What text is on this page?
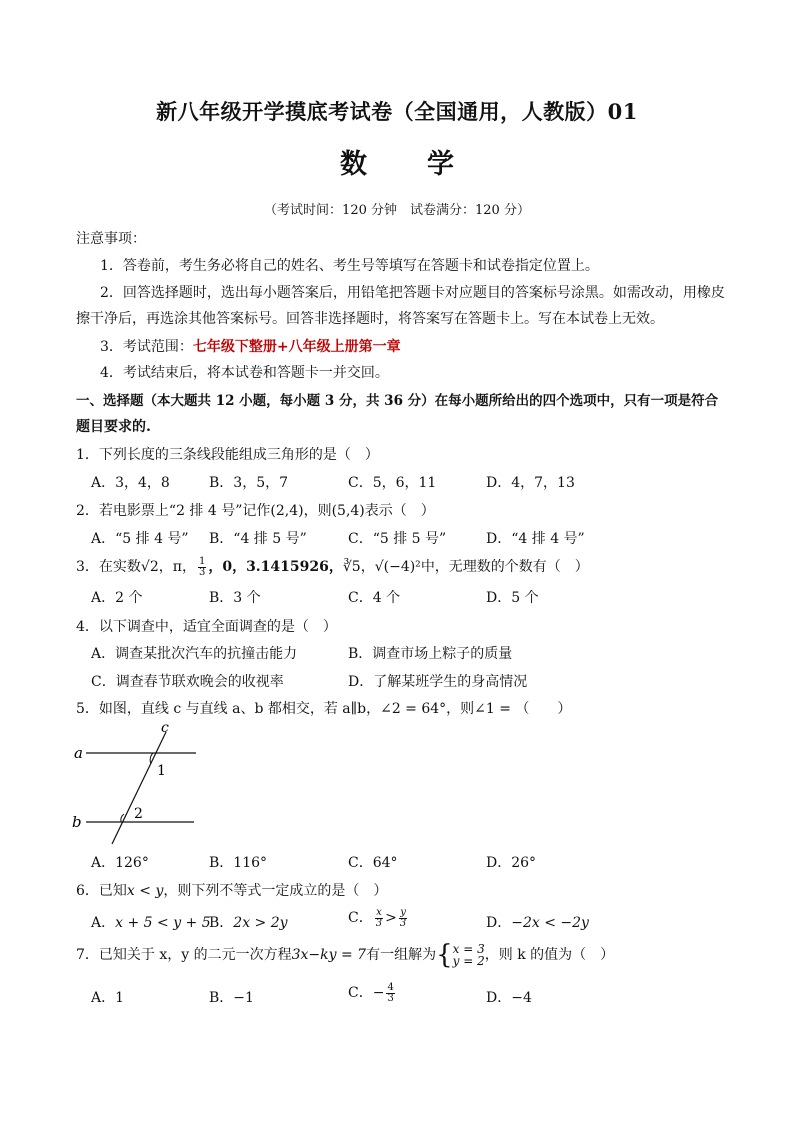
新八年级开学摸底考试卷（全国通用，人教版）01
数学
（考试时间：120 分钟　试卷满分：120 分）
注意事项：
1．答卷前，考生务必将自己的姓名、考生号等填写在答题卡和试卷指定位置上。
2．回答选择题时，选出每小题答案后，用铅笔把答题卡对应题目的答案标号涂黑。如需改动，用橡皮
擦干净后，再选涂其他答案标号。回答非选择题时，将答案写在答题卡上。写在本试卷上无效。
3．考试范围：七年级下整册+八年级上册第一章
4．考试结束后，将本试卷和答题卡一并交回。
一、选择题（本大题共 12 小题，每小题 3 分，共 36 分）在每小题所给出的四个选项中，只有一项是符合
题目要求的.
1．下列长度的三条线段能组成三角形的是（　）
A．3，4，8	B．3，5，7	C．5，6，11	D．4，7，13
2．若电影票上“2 排 4 号”记作(2,4)，则(5,4)表示（　）
A．“5 排 4 号” B．“4 排 5 号”	C．“5 排 5 号”	D．“4 排 4 号”
3．在实数√2，π， $\frac{1}{3}$ ，0，3.1415926，∛5，√(−4)²中，无理数的个数有（　）
A．2 个	B．3 个	C．4 个	D．5 个
4．以下调查中，适宜全面调查的是（　）
A．调查某批次汽车的抗撞击能力	B．调查市场上粽子的质量
C．调查春节联欢晚会的收视率	D．了解某班学生的身高情况
5．如图，直线 c 与直线 a、b 都相交，若 a∥b，∠2 = 64°，则∠1 = （　　）
a
b
c
1
2
A．126°	B．116°	C．64°	D．26°
6．已知x < y，则下列不等式一定成立的是（　）
A．x + 5 < y + 5
B．2x > 2y	C． $\frac{x}{3} > \frac{y}{3}$	D．−2x < −2y
7．已知关于 x，y 的二元一次方程3x−ky = 7有一组解为{ x = 3
y = 2 ，则 k 的值为（　）
A．1	B．−1	C．− $\frac{4}{3}$	D．−4
